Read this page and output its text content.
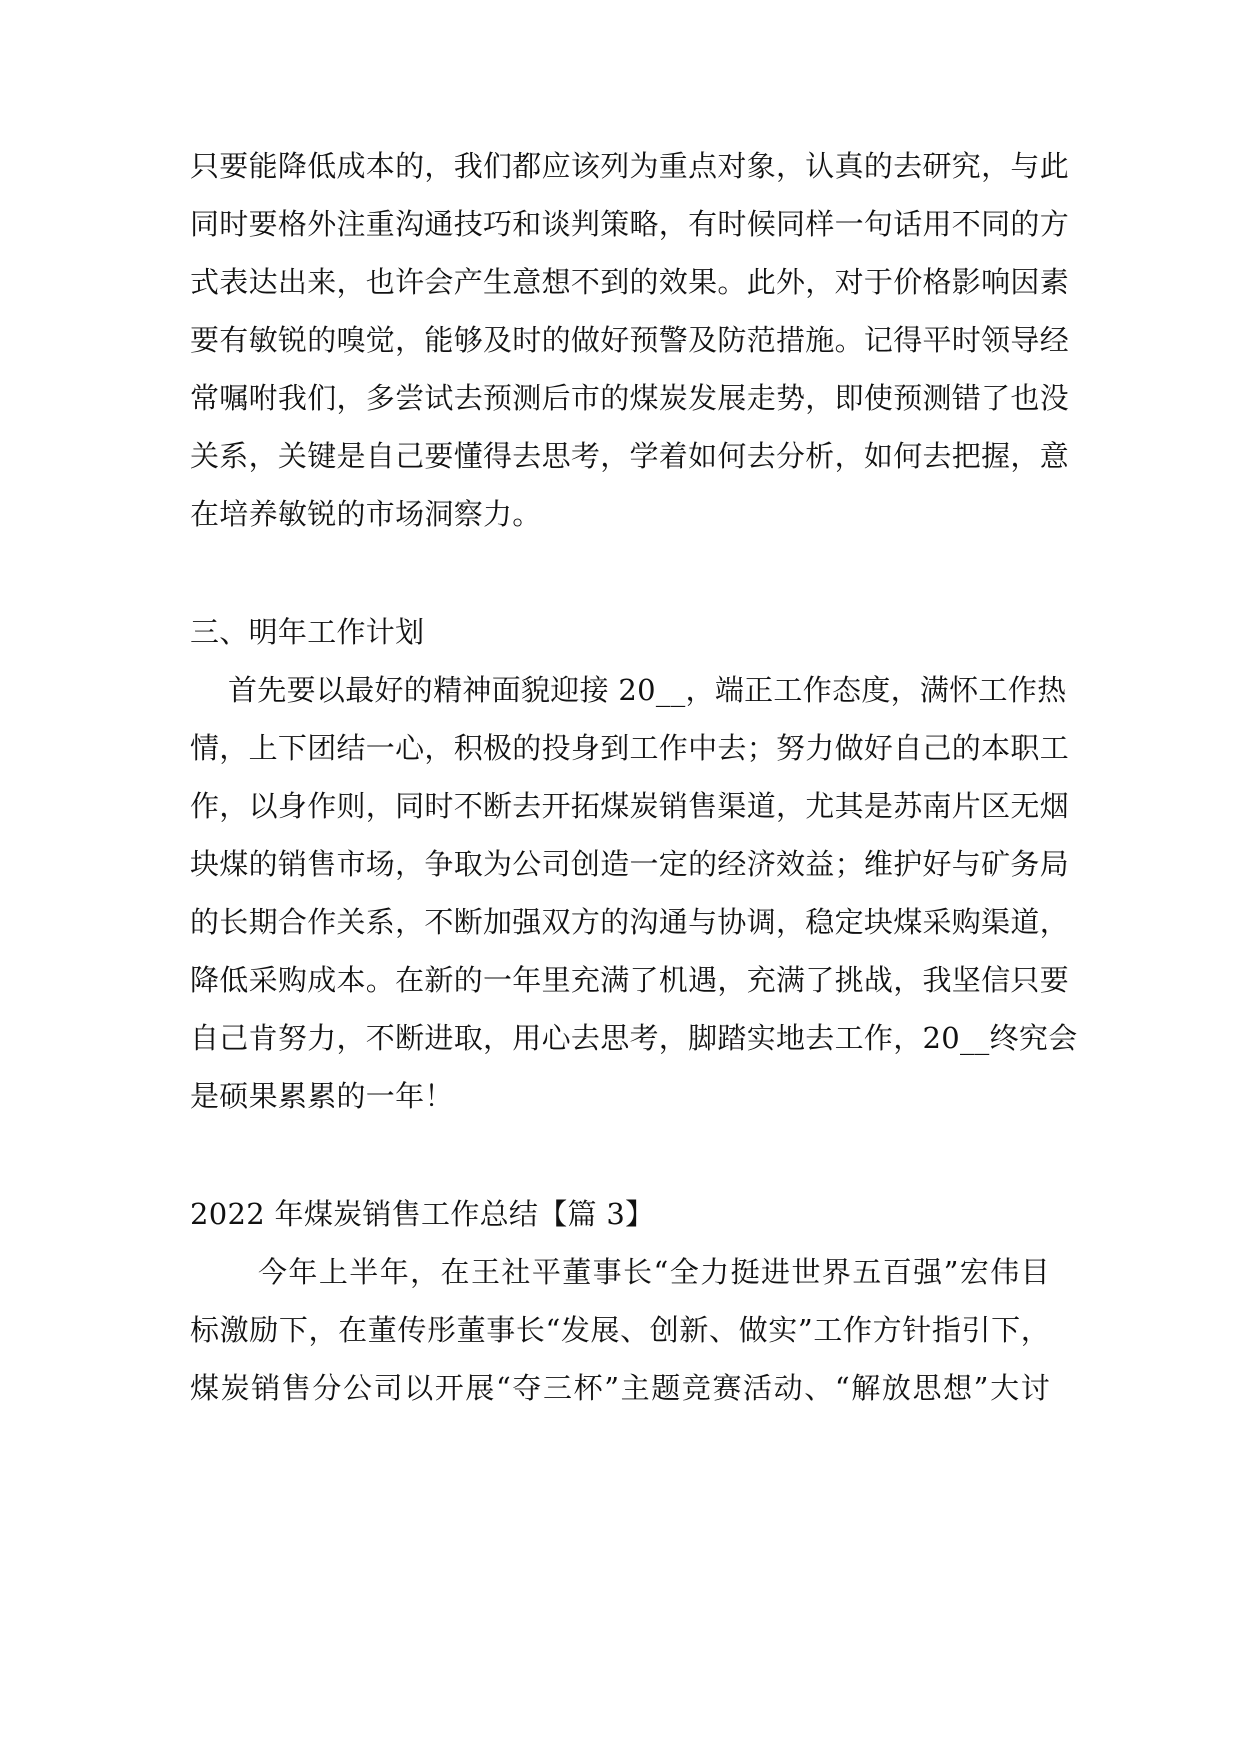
只要能降低成本的，我们都应该列为重点对象，认真的去研究，与此
同时要格外注重沟通技巧和谈判策略，有时候同样一句话用不同的方
式表达出来，也许会产生意想不到的效果。此外，对于价格影响因素
要有敏锐的嗅觉，能够及时的做好预警及防范措施。记得平时领导经
常嘱咐我们，多尝试去预测后市的煤炭发展走势，即使预测错了也没
关系，关键是自己要懂得去思考，学着如何去分析，如何去把握，意
在培养敏锐的市场洞察力。
三、明年工作计划
首先要以最好的精神面貌迎接 20__，端正工作态度，满怀工作热
情，上下团结一心，积极的投身到工作中去；努力做好自己的本职工
作，以身作则，同时不断去开拓煤炭销售渠道，尤其是苏南片区无烟
块煤的销售市场，争取为公司创造一定的经济效益；维护好与矿务局
的长期合作关系，不断加强双方的沟通与协调，稳定块煤采购渠道，
降低采购成本。在新的一年里充满了机遇，充满了挑战，我坚信只要
自己肯努力，不断进取，用心去思考，脚踏实地去工作，20__终究会
是硕果累累的一年！
2022 年煤炭销售工作总结【篇 3】
今年上半年，在王社平董事长“全力挺进世界五百强”宏伟目
标激励下，在董传彤董事长“发展、创新、做实”工作方针指引下，
煤炭销售分公司以开展“夺三杯”主题竞赛活动、“解放思想”大讨
